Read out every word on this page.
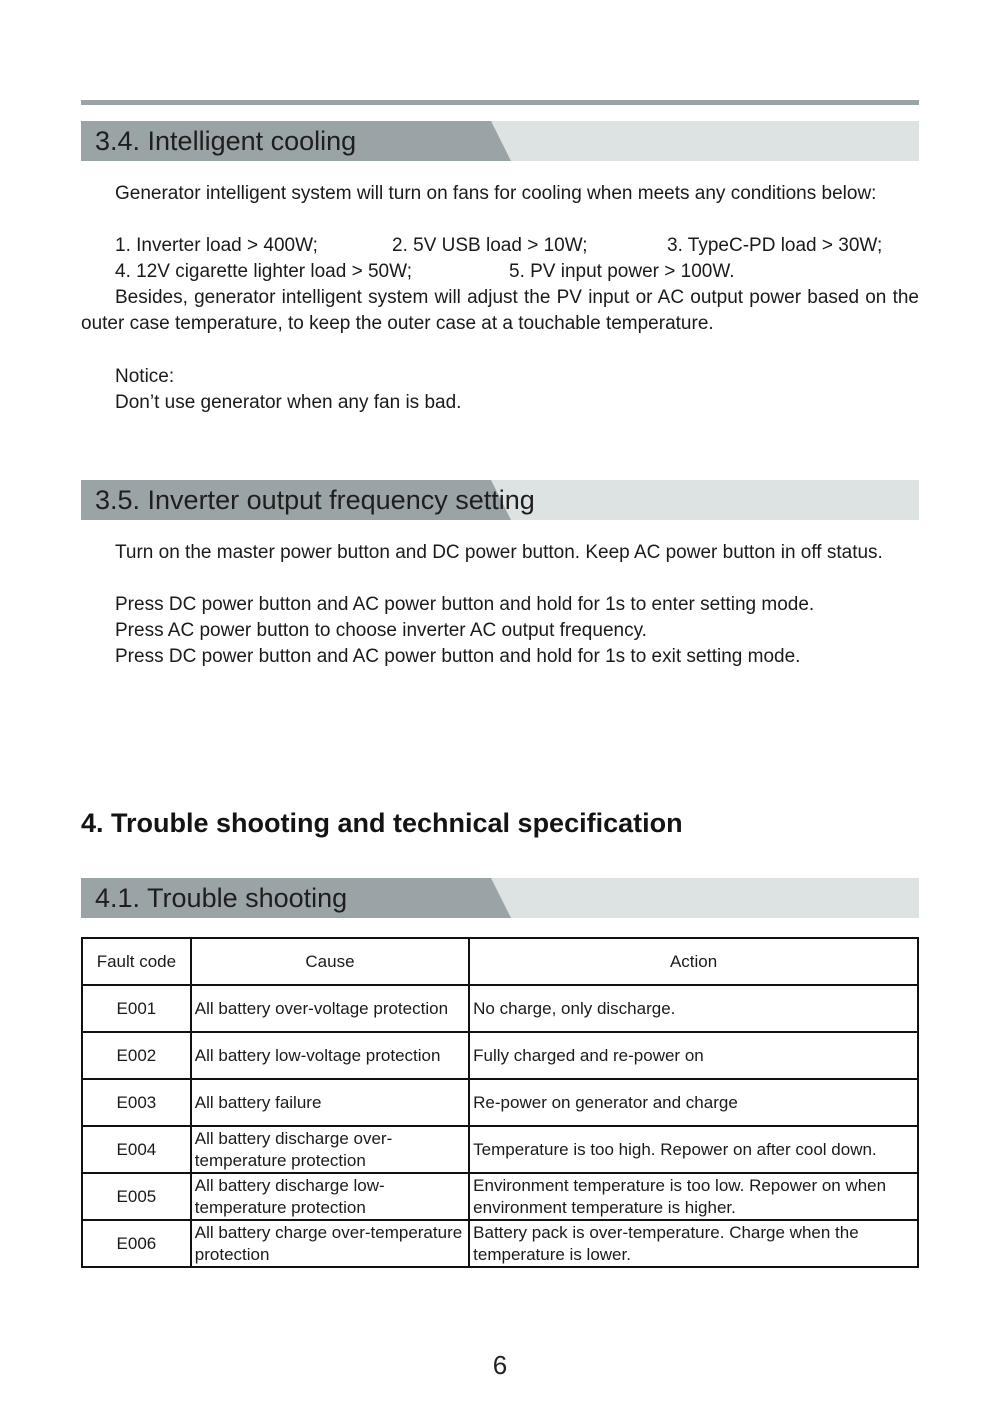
3.4. Intelligent cooling

Generator intelligent system will turn on fans for cooling when meets any conditions below:

1. Inverter load > 400W;	2. 5V USB load > 10W;	3. TypeC-PD load > 30W;
4. 12V cigarette lighter load > 50W;	5. PV input power > 100W.

Besides, generator intelligent system will adjust the PV input or AC output power based on the outer case temperature, to keep the outer case at a touchable temperature.

Notice:
Don’t use generator when any fan is bad.
3.5. Inverter output frequency setting

Turn on the master power button and DC power button. Keep AC power button in off status.

Press DC power button and AC power button and hold for 1s to enter setting mode.
Press AC power button to choose inverter AC output frequency.
Press DC power button and AC power button and hold for 1s to exit setting mode.
4. Trouble shooting and technical specification
4.1. Trouble shooting
Fault code	Cause	Action
E001	All battery over-voltage protection	No charge, only discharge.
E002	All battery low-voltage protection	Fully charged and re-power on
E003	All battery failure	Re-power on generator and charge
E004	All battery discharge over-temperature protection	Temperature is too high. Repower on after cool down.
E005	All battery discharge low-temperature protection	Environment temperature is too low. Repower on when environment temperature is higher.
E006	All battery charge over-temperature protection	Battery pack is over-temperature. Charge when the temperature is lower.
6
